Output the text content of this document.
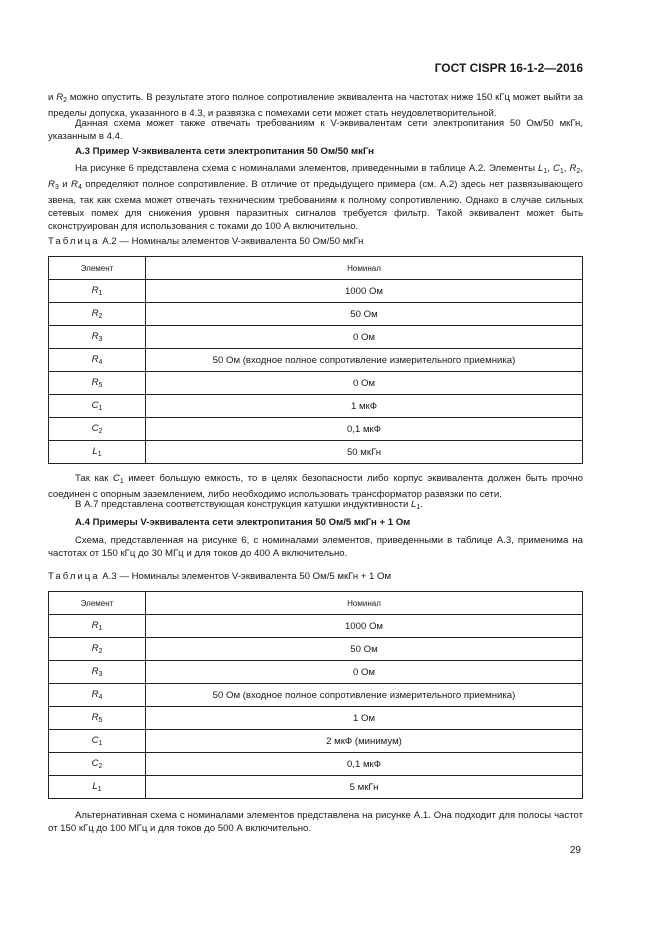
ГОСТ CISPR 16-1-2—2016
и $R_2$ можно опустить. В результате этого полное сопротивление эквивалента на частотах ниже 150 кГц может выйти за пределы допуска, указанного в 4.3, и развязка с помехами сети может стать неудовлетворительной.
Данная схема может также отвечать требованиям к V-эквивалентам сети электропитания 50 Ом/50 мкГн, указанным в 4.4.
А.3 Пример V-эквивалента сети электропитания 50 Ом/50 мкГн
На рисунке 6 представлена схема с номиналами элементов, приведенными в таблице А.2. Элементы $L_1$, $C_1$, $R_2$, $R_3$ и $R_4$ определяют полное сопротивление. В отличие от предыдущего примера (см. А.2) здесь нет развязывающего звена, так как схема может отвечать техническим требованиям к полному сопротивлению. Однако в случае сильных сетевых помех для снижения уровня паразитных сигналов требуется фильтр. Такой эквивалент может быть сконструирован для использования с токами до 100 А включительно.
Таблица А.2 — Номиналы элементов V-эквивалента 50 Ом/50 мкГн
Элемент	Номинал
$R_1$	1000 Ом
$R_2$	50 Ом
$R_3$	0 Ом
$R_4$	50 Ом (входное полное сопротивление измерительного приемника)
$R_5$	0 Ом
$C_1$	1 мкФ
$C_2$	0,1 мкФ
$L_1$	50 мкГн
Так как $C_1$ имеет большую емкость, то в целях безопасности либо корпус эквивалента должен быть прочно соединен с опорным заземлением, либо необходимо использовать трансформатор развязки по сети.
В А.7 представлена соответствующая конструкция катушки индуктивности $L_1$.
А.4 Примеры V-эквивалента сети электропитания 50 Ом/5 мкГн + 1 Ом
Схема, представленная на рисунке 6, с номиналами элементов, приведенными в таблице А.3, применима на частотах от 150 кГц до 30 МГц и для токов до 400 А включительно.
Таблица А.3 — Номиналы элементов V-эквивалента 50 Ом/5 мкГн + 1 Ом
Элемент	Номинал
$R_1$	1000 Ом
$R_2$	50 Ом
$R_3$	0 Ом
$R_4$	50 Ом (входное полное сопротивление измерительного приемника)
$R_5$	1 Ом
$C_1$	2 мкФ (минимум)
$C_2$	0,1 мкФ
$L_1$	5 мкГн
Альтернативная схема с номиналами элементов представлена на рисунке А.1. Она подходит для полосы частот от 150 кГц до 100 МГц и для токов до 500 А включительно.
29
